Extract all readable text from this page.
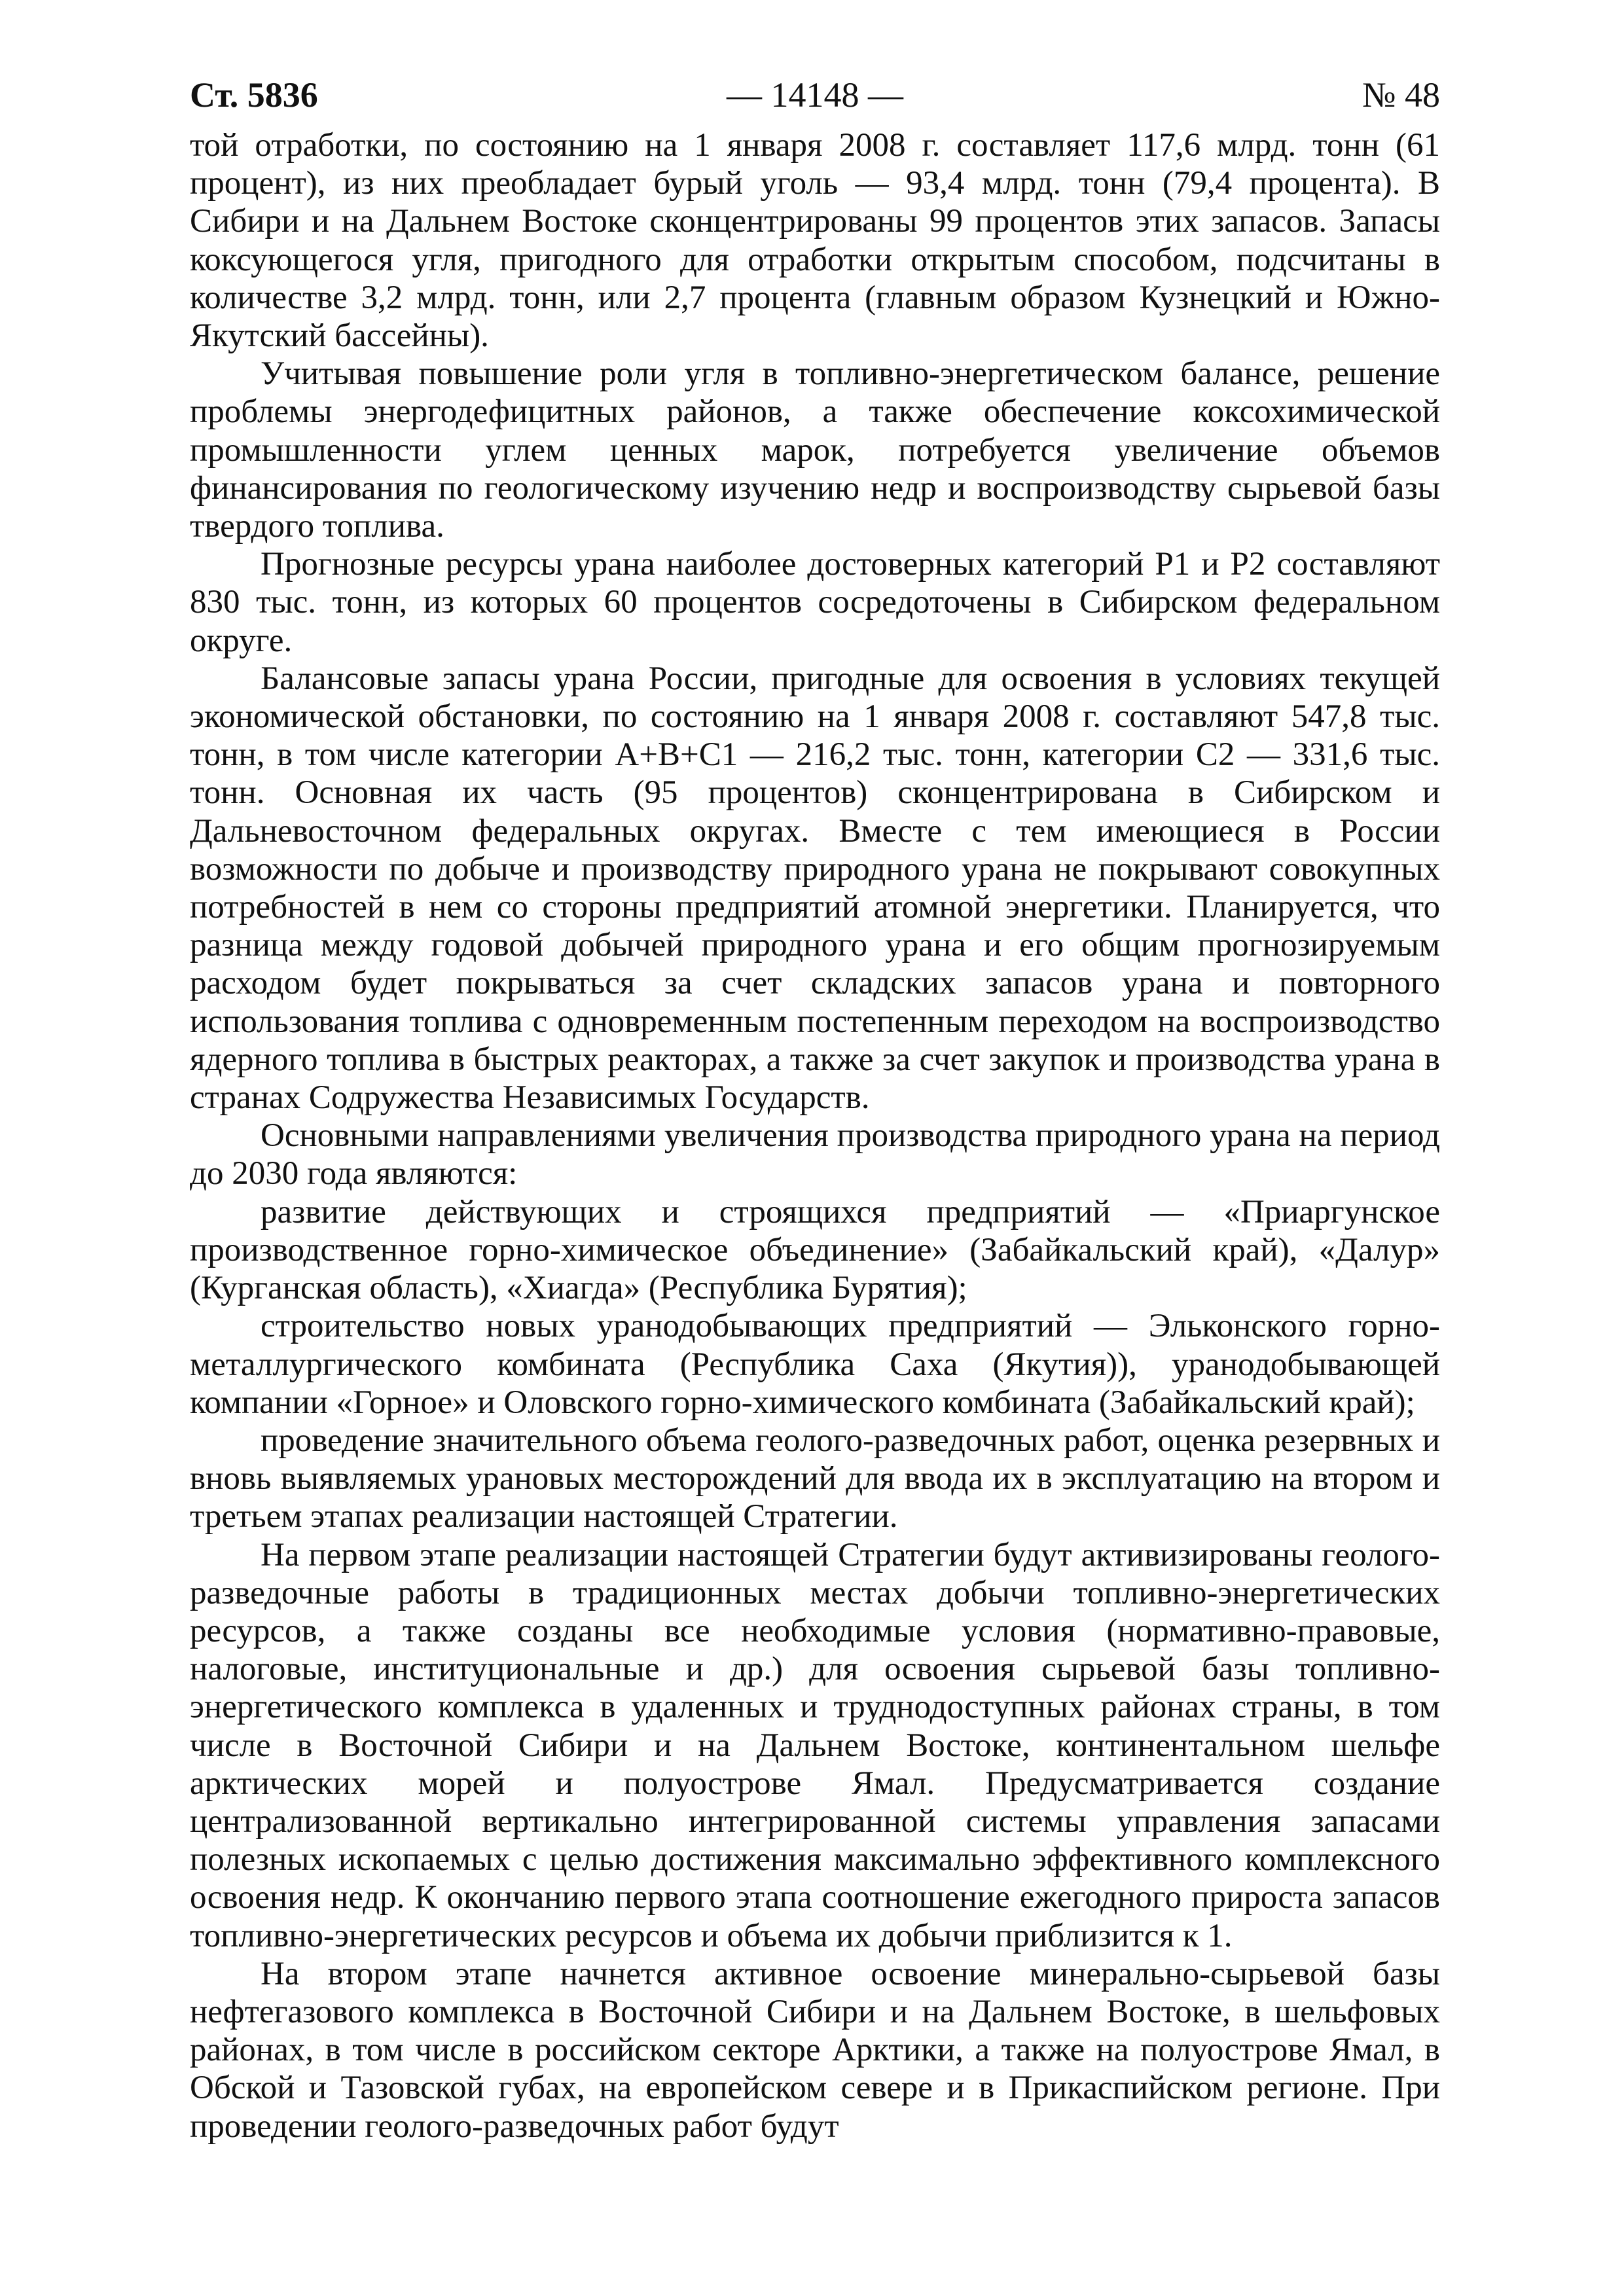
Ст. 5836	— 14148 —	№ 48

той отработки, по состоянию на 1 января 2008 г. составляет 117,6 млрд. тонн (61 процент), из них преобладает бурый уголь — 93,4 млрд. тонн (79,4 процента). В Сибири и на Дальнем Востоке сконцентрированы 99 процентов этих запасов. Запасы коксующегося угля, пригодного для отработки открытым способом, подсчитаны в количестве 3,2 млрд. тонн, или 2,7 процента (главным образом Кузнецкий и Южно-Якутский бассейны).

Учитывая повышение роли угля в топливно-энергетическом балансе, решение проблемы энергодефицитных районов, а также обеспечение коксохимической промышленности углем ценных марок, потребуется увеличение объемов финансирования по геологическому изучению недр и воспроизводству сырьевой базы твердого топлива.

Прогнозные ресурсы урана наиболее достоверных категорий Р1 и Р2 составляют 830 тыс. тонн, из которых 60 процентов сосредоточены в Сибирском федеральном округе.

Балансовые запасы урана России, пригодные для освоения в условиях текущей экономической обстановки, по состоянию на 1 января 2008 г. составляют 547,8 тыс. тонн, в том числе категории А+В+С1 — 216,2 тыс. тонн, категории С2 — 331,6 тыс. тонн. Основная их часть (95 процентов) сконцентрирована в Сибирском и Дальневосточном федеральных округах. Вместе с тем имеющиеся в России возможности по добыче и производству природного урана не покрывают совокупных потребностей в нем со стороны предприятий атомной энергетики. Планируется, что разница между годовой добычей природного урана и его общим прогнозируемым расходом будет покрываться за счет складских запасов урана и повторного использования топлива с одновременным постепенным переходом на воспроизводство ядерного топлива в быстрых реакторах, а также за счет закупок и производства урана в странах Содружества Независимых Государств.

Основными направлениями увеличения производства природного урана на период до 2030 года являются:

развитие действующих и строящихся предприятий — «Приаргунское производственное горно-химическое объединение» (Забайкальский край), «Далур» (Курганская область), «Хиагда» (Республика Бурятия);

строительство новых уранодобывающих предприятий — Эльконского горно-металлургического комбината (Республика Саха (Якутия)), уранодобывающей компании «Горное» и Оловского горно-химического комбината (Забайкальский край);

проведение значительного объема геолого-разведочных работ, оценка резервных и вновь выявляемых урановых месторождений для ввода их в эксплуатацию на втором и третьем этапах реализации настоящей Стратегии.

На первом этапе реализации настоящей Стратегии будут активизированы геолого-разведочные работы в традиционных местах добычи топливно-энергетических ресурсов, а также созданы все необходимые условия (нормативно-правовые, налоговые, институциональные и др.) для освоения сырьевой базы топливно-энергетического комплекса в удаленных и труднодоступных районах страны, в том числе в Восточной Сибири и на Дальнем Востоке, континентальном шельфе арктических морей и полуострове Ямал. Предусматривается создание централизованной вертикально интегрированной системы управления запасами полезных ископаемых с целью достижения максимально эффективного комплексного освоения недр. К окончанию первого этапа соотношение ежегодного прироста запасов топливно-энергетических ресурсов и объема их добычи приблизится к 1.

На втором этапе начнется активное освоение минерально-сырьевой базы нефтегазового комплекса в Восточной Сибири и на Дальнем Востоке, в шельфовых районах, в том числе в российском секторе Арктики, а также на полуострове Ямал, в Обской и Тазовской губах, на европейском севере и в Прикаспийском регионе. При проведении геолого-разведочных работ будут
